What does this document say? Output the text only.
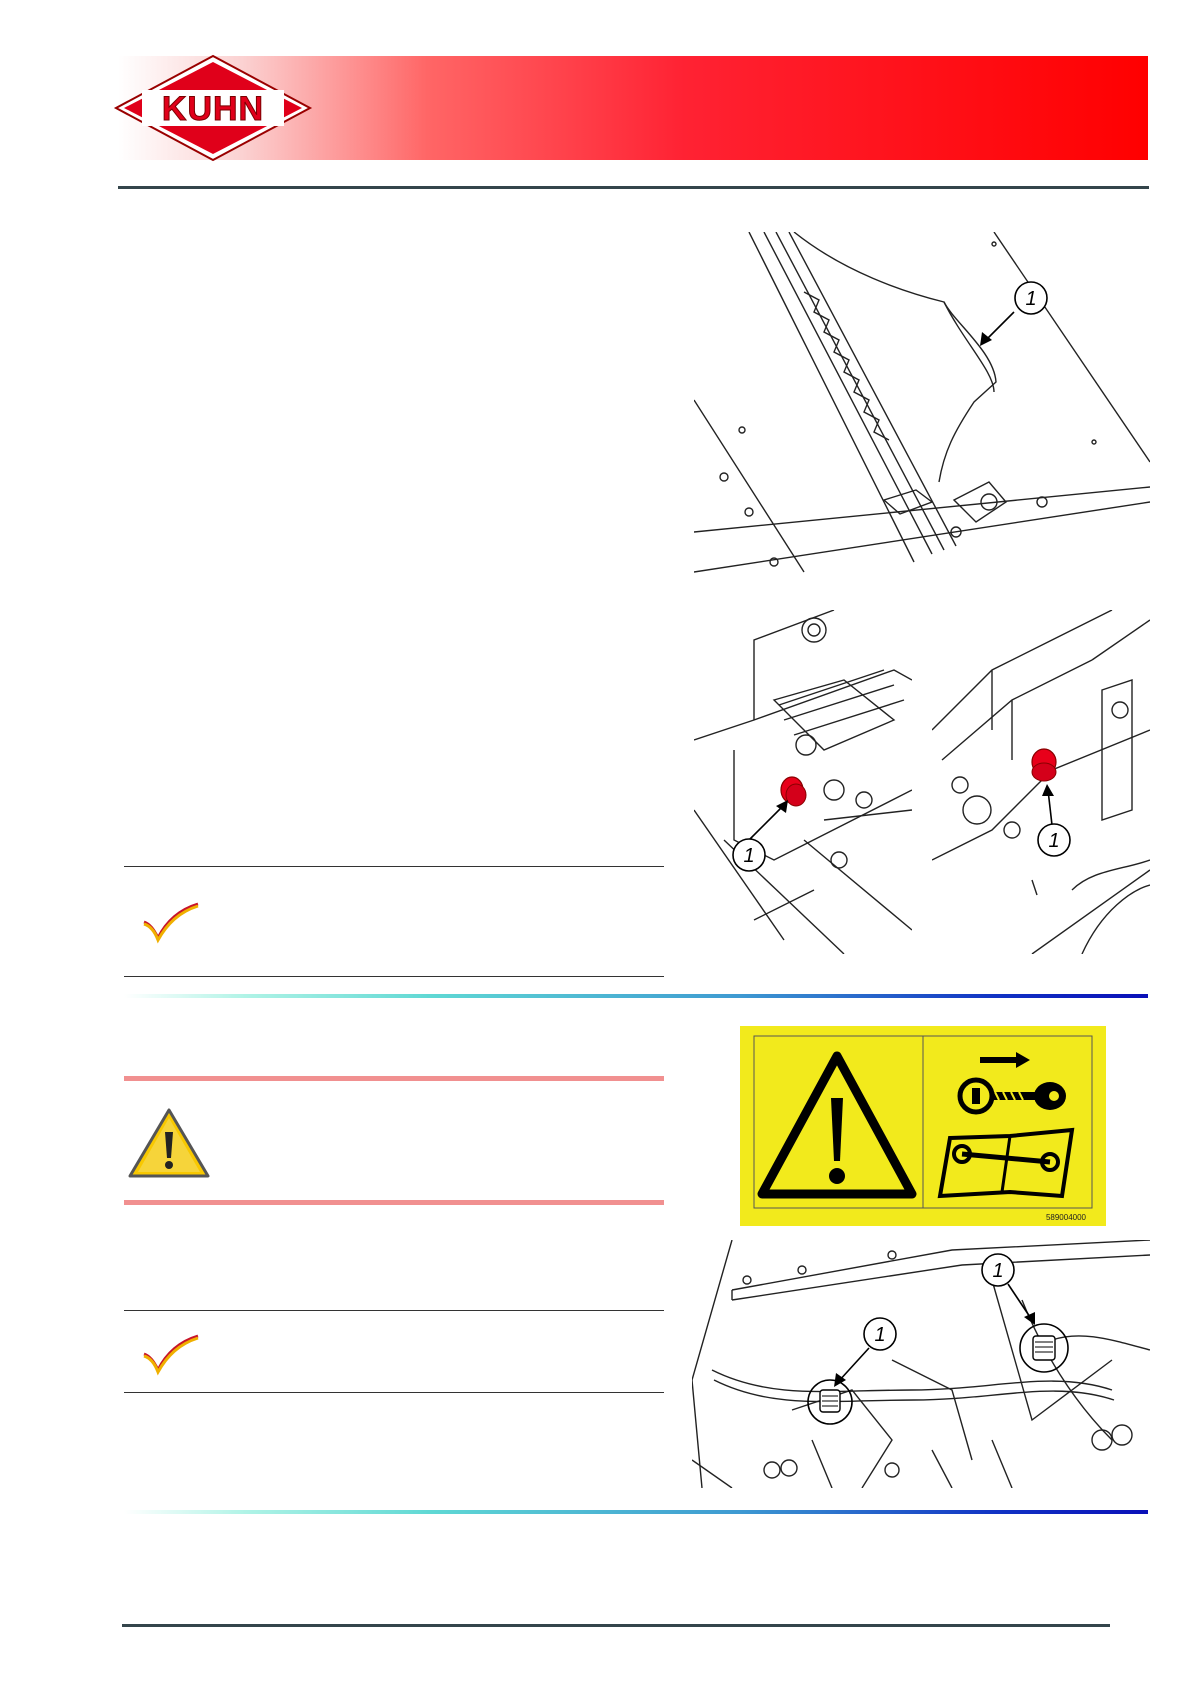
KUHN
1
1
1
589004000
1
1
